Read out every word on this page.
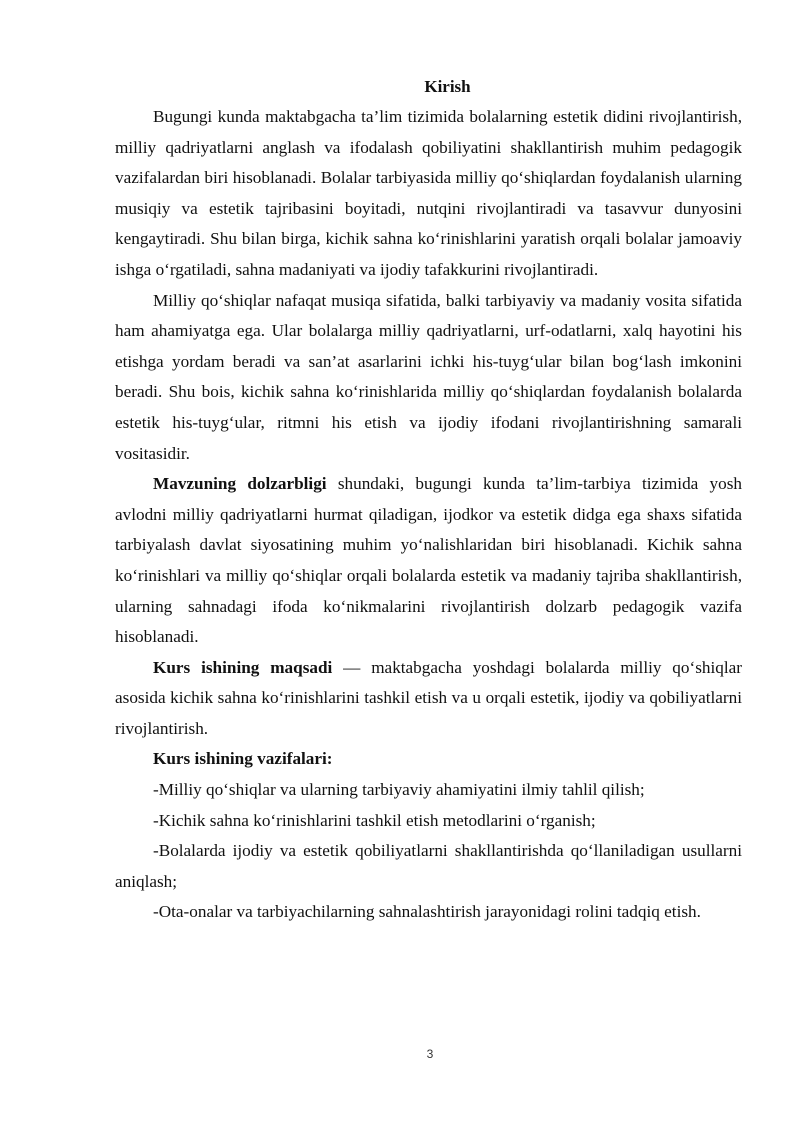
Kirish

Bugungi kunda maktabgacha ta’lim tizimida bolalarning estetik didini rivojlantirish, milliy qadriyatlarni anglash va ifodalash qobiliyatini shakllantirish muhim pedagogik vazifalardan biri hisoblanadi. Bolalar tarbiyasida milliy qo‘shiqlardan foydalanish ularning musiqiy va estetik tajribasini boyitadi, nutqini rivojlantiradi va tasavvur dunyosini kengaytiradi. Shu bilan birga, kichik sahna ko‘rinishlarini yaratish orqali bolalar jamoaviy ishga o‘rgatiladi, sahna madaniyati va ijodiy tafakkurini rivojlantiradi.

Milliy qo‘shiqlar nafaqat musiqa sifatida, balki tarbiyaviy va madaniy vosita sifatida ham ahamiyatga ega. Ular bolalarga milliy qadriyatlarni, urf-odatlarni, xalq hayotini his etishga yordam beradi va san’at asarlarini ichki his-tuyg‘ular bilan bog‘lash imkonini beradi. Shu bois, kichik sahna ko‘rinishlarida milliy qo‘shiqlardan foydalanish bolalarda estetik his-tuyg‘ular, ritmni his etish va ijodiy ifodani rivojlantirishning samarali vositasidir.

Mavzuning dolzarbligi shundaki, bugungi kunda ta’lim-tarbiya tizimida yosh avlodni milliy qadriyatlarni hurmat qiladigan, ijodkor va estetik didga ega shaxs sifatida tarbiyalash davlat siyosatining muhim yo‘nalishlaridan biri hisoblanadi. Kichik sahna ko‘rinishlari va milliy qo‘shiqlar orqali bolalarda estetik va madaniy tajriba shakllantirish, ularning sahnadagi ifoda ko‘nikmalarini rivojlantirish dolzarb pedagogik vazifa hisoblanadi.

Kurs ishining maqsadi — maktabgacha yoshdagi bolalarda milliy qo‘shiqlar asosida kichik sahna ko‘rinishlarini tashkil etish va u orqali estetik, ijodiy va qobiliyatlarni rivojlantirish.

Kurs ishining vazifalari:

-Milliy qo‘shiqlar va ularning tarbiyaviy ahamiyatini ilmiy tahlil qilish;

-Kichik sahna ko‘rinishlarini tashkil etish metodlarini o‘rganish;

-Bolalarda ijodiy va estetik qobiliyatlarni shakllantirishda qo‘llaniladigan usullarni aniqlash;

-Ota-onalar va tarbiyachilarning sahnalashtirish jarayonidagi rolini tadqiq etish.

3
